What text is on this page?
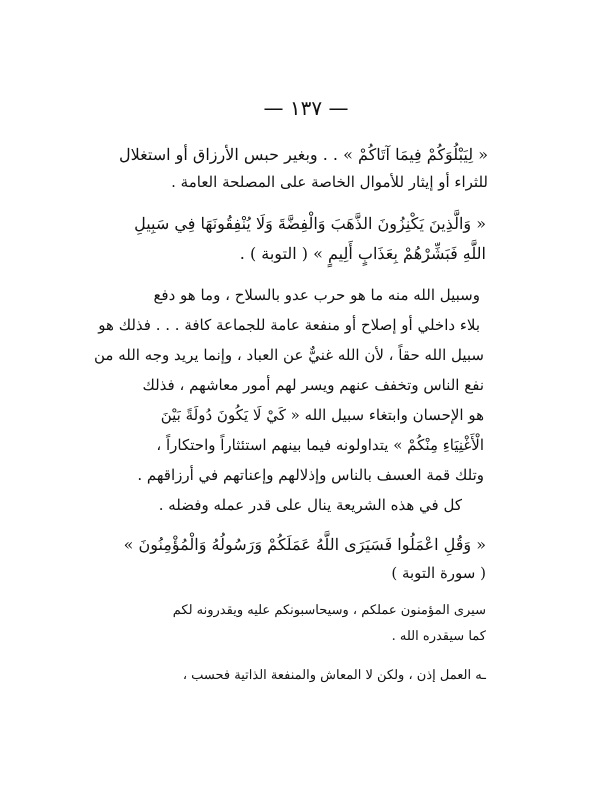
— ١٣٧ —
« لِيَبْلُوَكُمْ فِيمَا آتَاكُمْ » . . وبغير حبس الأرزاق أو استغلال
للثراء أو إيثار للأموال الخاصة على المصلحة العامة .
« وَالَّذِينَ يَكْنِزُونَ الذَّهَبَ وَالْفِضَّةَ وَلَا يُنْفِقُونَهَا فِي سَبِيلِ
اللَّهِ فَبَشِّرْهُمْ بِعَذَابٍ أَلِيمٍ » ( التوبة ) .
وسبيل الله منه ما هو حرب عدو بالسلاح ، وما هو دفع
بلاء داخلي أو إصلاح أو منفعة عامة للجماعة كافة . . . فذلك هو
سبيل الله حقاً ، لأن الله غنيٌّ عن العباد ، وإنما يريد وجه الله من
نفع الناس وتخفف عنهم ويسر لهم أمور معاشهم ، فذلك
هو الإحسان وابتغاء سبيل الله « كَيْ لَا يَكُونَ دُولَةً بَيْنَ
الْأَغْنِيَاءِ مِنْكُمْ » يتداولونه فيما بينهم استئثاراً واحتكاراً ،
وتلك قمة العسف بالناس وإذلالهم وإعناتهم في أرزاقهم .
كل في هذه الشريعة ينال على قدر عمله وفضله .
« وَقُلِ اعْمَلُوا فَسَيَرَى اللَّهُ عَمَلَكُمْ وَرَسُولُهُ وَالْمُؤْمِنُونَ »
( سورة التوبة )
سيرى المؤمنون عملكم ، وسيحاسبونكم عليه ويقدرونه لكم
كما سيقدره الله .
ـه العمل إذن ، ولكن لا المعاش والمنفعة الذاتية فحسب ،
